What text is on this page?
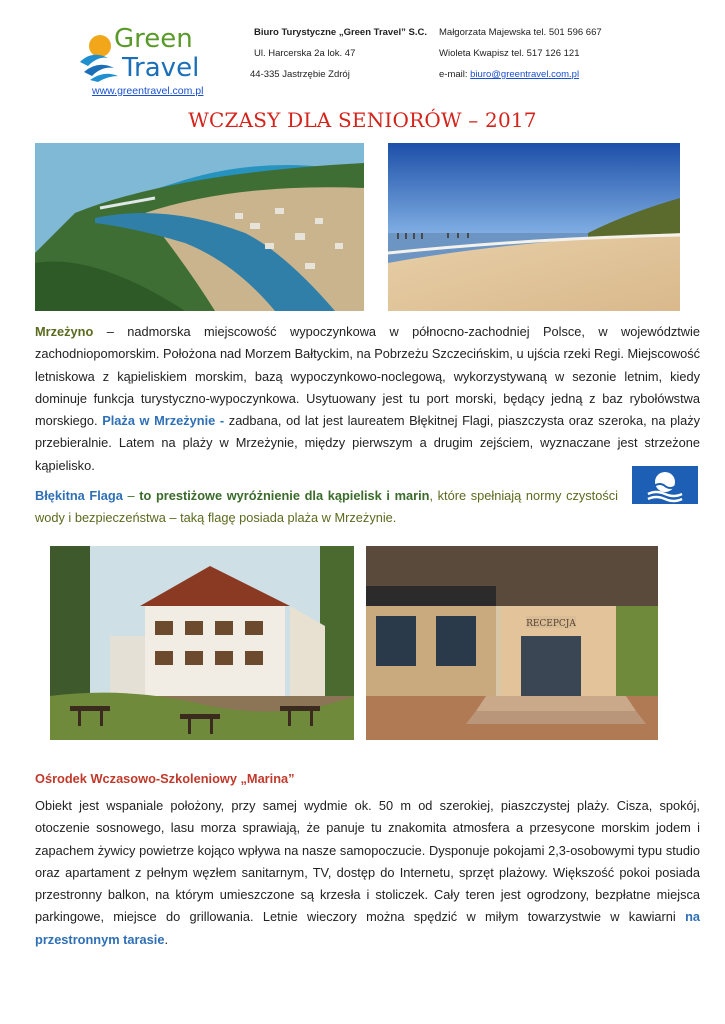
Green
Travel
www.greentravel.com.pl
Biuro Turystyczne „Green Travel” S.C.
Ul. Harcerska 2a lok. 47
44-335 Jastrzębie Zdrój
Małgorzata Majewska tel. 501 596 667
Wioleta Kwapisz tel. 517 126 121
e-mail: biuro@greentravel.com.pl
WCZASY DLA SENIORÓW – 2017
Mrzeżyno – nadmorska miejscowość wypoczynkowa w północno-zachodniej Polsce, w województwie zachodniopomorskim. Położona nad Morzem Bałtyckim, na Pobrzeżu Szczecińskim, u ujścia rzeki Regi. Miejscowość letniskowa z kąpieliskiem morskim, bazą wypoczynkowo-noclegową, wykorzystywaną w sezonie letnim, kiedy dominuje funkcja turystyczno-wypoczynkowa. Usytuowany jest tu port morski, będący jedną z baz rybołówstwa morskiego. Plaża w Mrzeżynie - zadbana, od lat jest laureatem Błękitnej Flagi, piaszczysta oraz szeroka, na plaży przebieralnie. Latem na plaży w Mrzeżynie, między pierwszym a drugim zejściem, wyznaczane jest strzeżone kąpielisko.
Błękitna Flaga – to prestiżowe wyróżnienie dla kąpielisk i marin, które spełniają normy czystości wody i bezpieczeństwa – taką flagę posiada plaża w Mrzeżynie.
RECEPCJA
Ośrodek Wczasowo-Szkoleniowy „Marina”
Obiekt jest wspaniale położony, przy samej wydmie ok. 50 m od szerokiej, piaszczystej plaży. Cisza, spokój, otoczenie sosnowego, lasu morza sprawiają, że panuje tu znakomita atmosfera a przesycone morskim jodem i zapachem żywicy powietrze kojąco wpływa na nasze samopoczucie. Dysponuje pokojami 2,3-osobowymi typu studio oraz apartament z pełnym węzłem sanitarnym, TV, dostęp do Internetu, sprzęt plażowy. Większość pokoi posiada przestronny balkon, na którym umieszczone są krzesła i stoliczek. Cały teren jest ogrodzony, bezpłatne miejsca parkingowe, miejsce do grillowania. Letnie wieczory można spędzić w miłym towarzystwie w kawiarni na przestronnym tarasie.
